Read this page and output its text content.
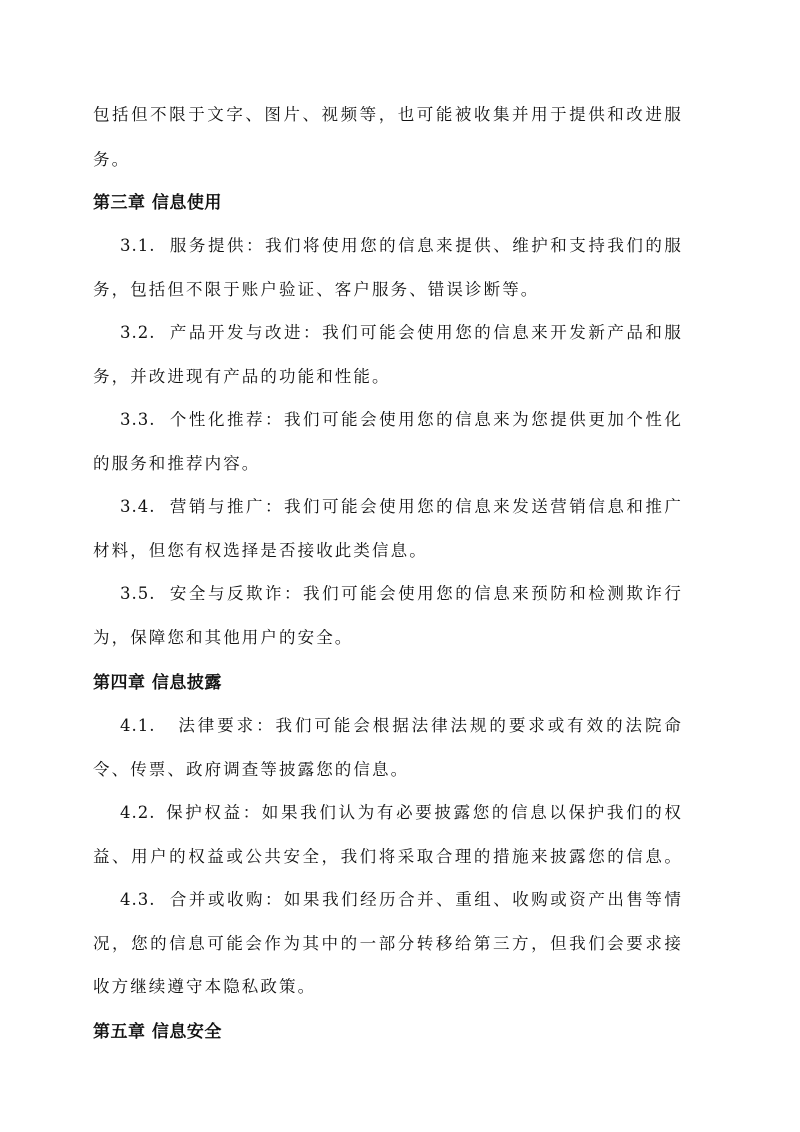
包括但不限于文字、图片、视频等，也可能被收集并用于提供和改进服
务。
第三章 信息使用
3.1. 服务提供：我们将使用您的信息来提供、维护和支持我们的服
务，包括但不限于账户验证、客户服务、错误诊断等。
3.2. 产品开发与改进：我们可能会使用您的信息来开发新产品和服
务，并改进现有产品的功能和性能。
3.3. 个性化推荐：我们可能会使用您的信息来为您提供更加个性化
的服务和推荐内容。
3.4. 营销与推广：我们可能会使用您的信息来发送营销信息和推广
材料，但您有权选择是否接收此类信息。
3.5. 安全与反欺诈：我们可能会使用您的信息来预防和检测欺诈行
为，保障您和其他用户的安全。
第四章 信息披露
4.1. 法律要求：我们可能会根据法律法规的要求或有效的法院命
令、传票、政府调查等披露您的信息。
4.2. 保护权益：如果我们认为有必要披露您的信息以保护我们的权
益、用户的权益或公共安全，我们将采取合理的措施来披露您的信息。
4.3. 合并或收购：如果我们经历合并、重组、收购或资产出售等情
况，您的信息可能会作为其中的一部分转移给第三方，但我们会要求接
收方继续遵守本隐私政策。
第五章 信息安全
